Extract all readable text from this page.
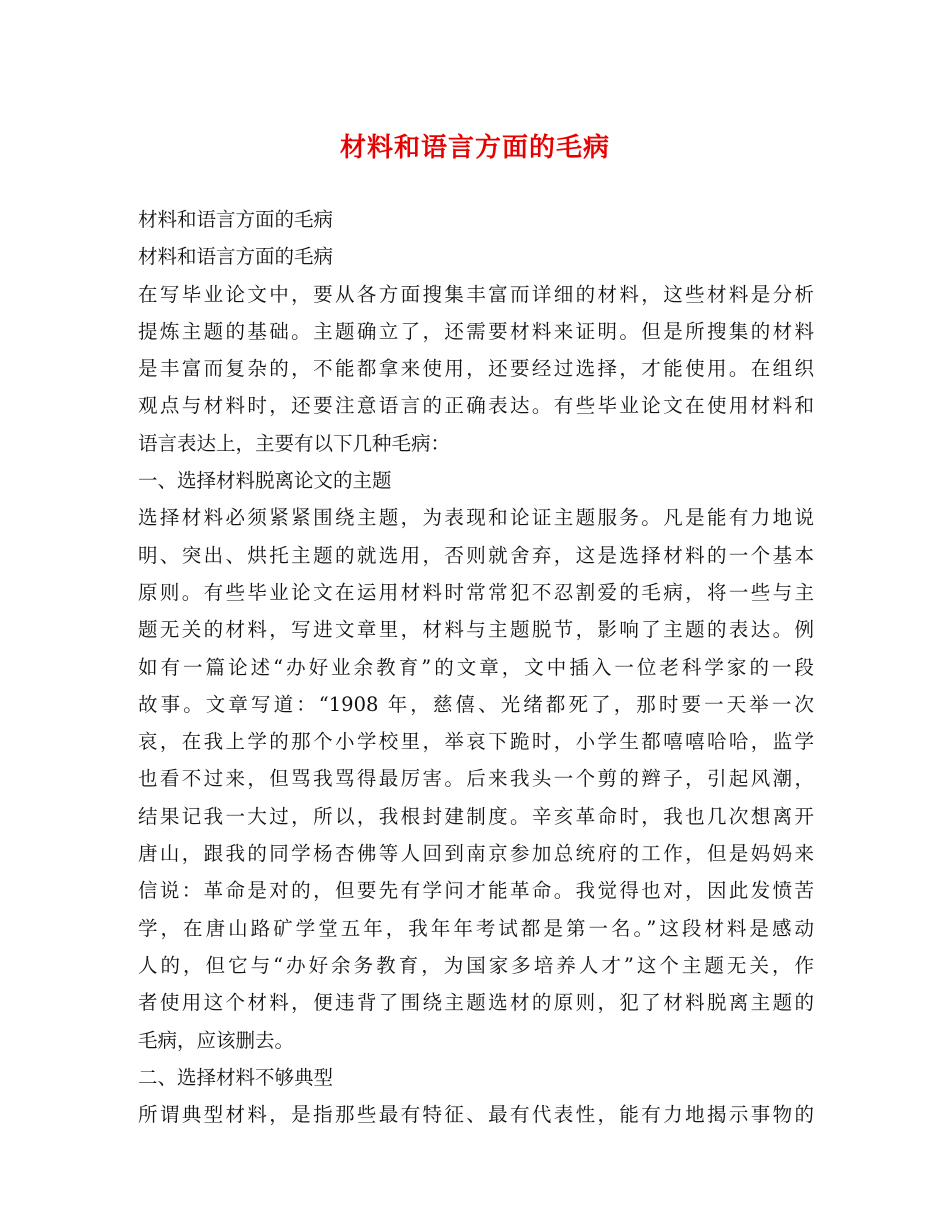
材料和语言方面的毛病
材料和语言方面的毛病
材料和语言方面的毛病
在写毕业论文中，要从各方面搜集丰富而详细的材料，这些材料是分析
提炼主题的基础。主题确立了，还需要材料来证明。但是所搜集的材料
是丰富而复杂的，不能都拿来使用，还要经过选择，才能使用。在组织
观点与材料时，还要注意语言的正确表达。有些毕业论文在使用材料和
语言表达上，主要有以下几种毛病：
一、选择材料脱离论文的主题
选择材料必须紧紧围绕主题，为表现和论证主题服务。凡是能有力地说
明、突出、烘托主题的就选用，否则就舍弃，这是选择材料的一个基本
原则。有些毕业论文在运用材料时常常犯不忍割爱的毛病，将一些与主
题无关的材料，写进文章里，材料与主题脱节，影响了主题的表达。例
如有一篇论述“办好业余教育”的文章，文中插入一位老科学家的一段
故事。文章写道：“1908 年，慈僖、光绪都死了，那时要一天举一次
哀，在我上学的那个小学校里，举哀下跪时，小学生都嘻嘻哈哈，监学
也看不过来，但骂我骂得最厉害。后来我头一个剪的辫子，引起风潮，
结果记我一大过，所以，我根封建制度。辛亥革命时，我也几次想离开
唐山，跟我的同学杨杏佛等人回到南京参加总统府的工作，但是妈妈来
信说：革命是对的，但要先有学问才能革命。我觉得也对，因此发愤苦
学，在唐山路矿学堂五年，我年年考试都是第一名。”这段材料是感动
人的，但它与“办好余务教育，为国家多培养人才”这个主题无关，作
者使用这个材料，便违背了围绕主题选材的原则，犯了材料脱离主题的
毛病，应该删去。
二、选择材料不够典型
所谓典型材料，是指那些最有特征、最有代表性，能有力地揭示事物的
